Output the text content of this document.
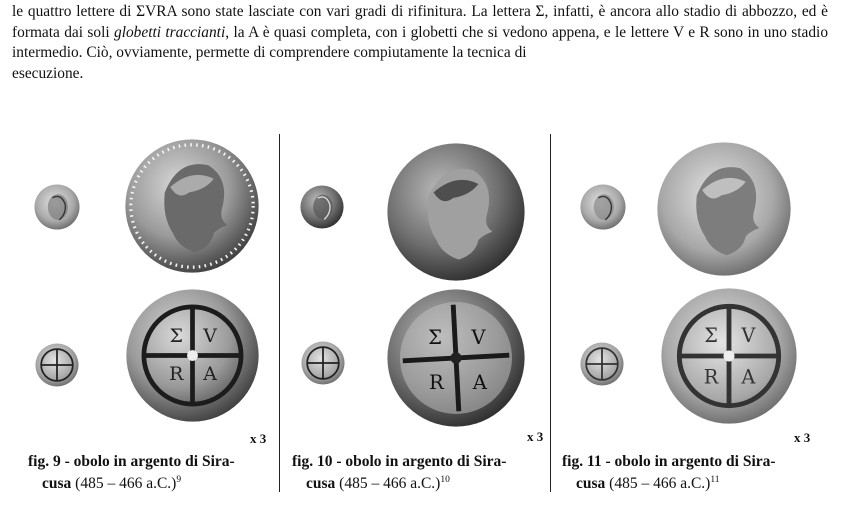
le quattro lettere di ΣVRA sono state lasciate con vari gradi di rifinitura. La lettera Σ, infatti, è ancora allo stadio di abbozzo, ed è formata dai soli globetti traccianti, la A è quasi completa, con i globetti che si vedono appena, e le lettere V e R sono in uno stadio intermedio. Ciò, ovviamente, permette di comprendere compiutamente la tecnica di
esecuzione.
Σ V
R A
x 3
fig. 9 - obolo in argento di Sira-
cusa (485 – 466 a.C.)$^9$
Σ V
R A
x 3
fig. 10 - obolo in argento di Sira-
cusa (485 – 466 a.C.)$^{10}$
Σ V
R A
x 3
fig. 11 - obolo in argento di Sira-
cusa (485 – 466 a.C.)$^{11}$
